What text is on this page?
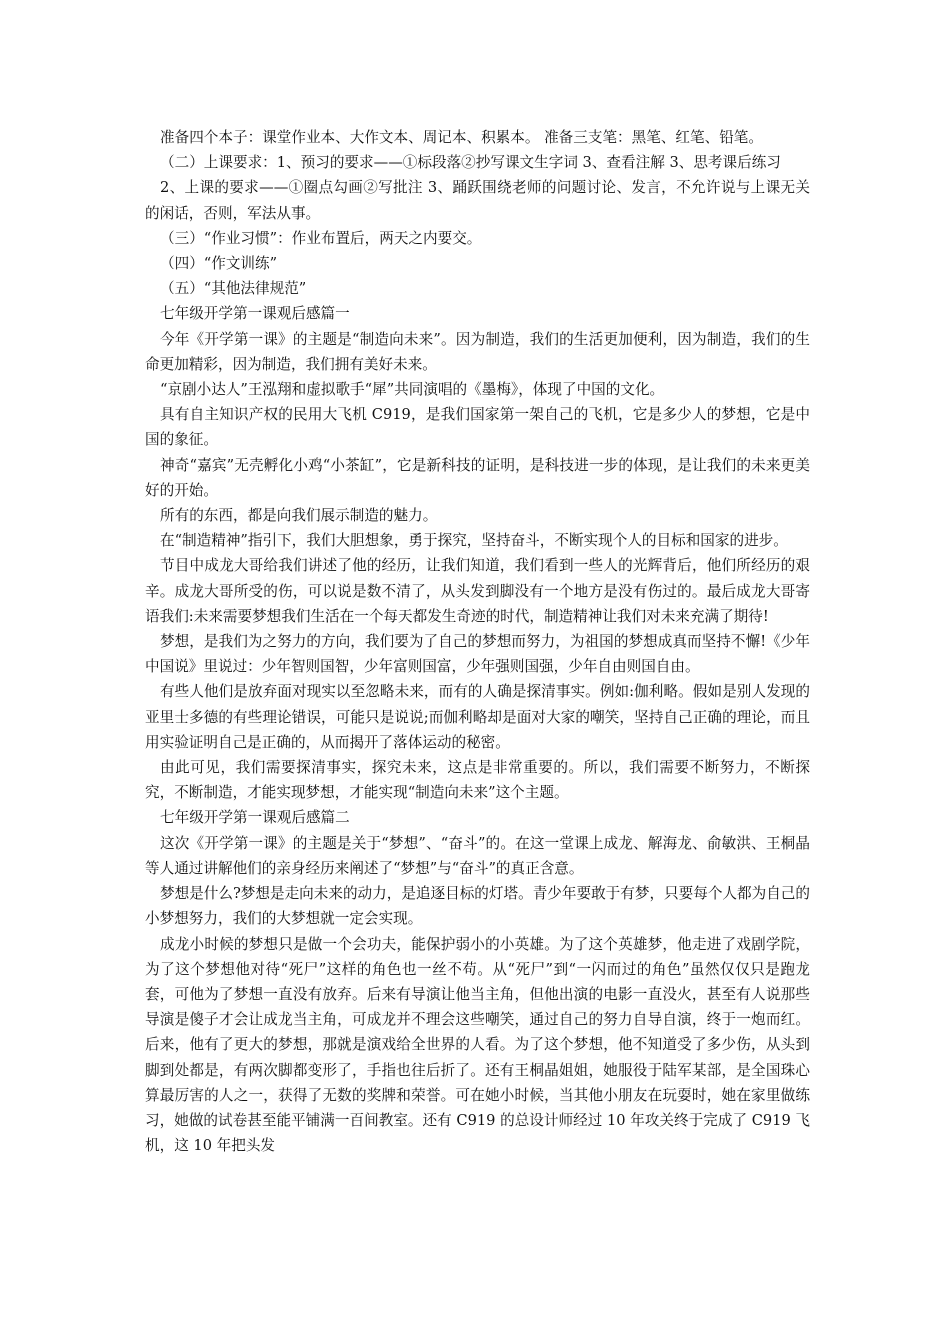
准备四个本子：课堂作业本、大作文本、周记本、积累本。 准备三支笔：黑笔、红笔、铅笔。

（二）上课要求：1、预习的要求——①标段落②抄写课文生字词 3、查看注解 3、思考课后练习

2、上课的要求——①圈点勾画②写批注 3、踊跃围绕老师的问题讨论、发言，不允许说与上课无关的闲话，否则，军法从事。

（三）“作业习惯”：作业布置后，两天之内要交。

（四）“作文训练”

（五）“其他法律规范”

七年级开学第一课观后感篇一

今年《开学第一课》的主题是“制造向未来”。因为制造，我们的生活更加便利，因为制造，我们的生命更加精彩，因为制造，我们拥有美好未来。

“京剧小达人”王泓翔和虚拟歌手“犀”共同演唱的《墨梅》，体现了中国的文化。

具有自主知识产权的民用大飞机 C919，是我们国家第一架自己的飞机，它是多少人的梦想，它是中国的象征。

神奇“嘉宾”无壳孵化小鸡“小茶缸”，它是新科技的证明，是科技进一步的体现，是让我们的未来更美好的开始。

所有的东西，都是向我们展示制造的魅力。

在“制造精神”指引下，我们大胆想象，勇于探究，坚持奋斗，不断实现个人的目标和国家的进步。

节目中成龙大哥给我们讲述了他的经历，让我们知道，我们看到一些人的光辉背后，他们所经历的艰辛。成龙大哥所受的伤，可以说是数不清了，从头发到脚没有一个地方是没有伤过的。最后成龙大哥寄语我们:未来需要梦想我们生活在一个每天都发生奇迹的时代，制造精神让我们对未来充满了期待!

梦想，是我们为之努力的方向，我们要为了自己的梦想而努力，为祖国的梦想成真而坚持不懈!《少年中国说》里说过：少年智则国智，少年富则国富，少年强则国强，少年自由则国自由。

有些人他们是放弃面对现实以至忽略未来，而有的人确是探清事实。例如:伽利略。假如是别人发现的亚里士多德的有些理论错误，可能只是说说;而伽利略却是面对大家的嘲笑，坚持自己正确的理论，而且用实验证明自己是正确的，从而揭开了落体运动的秘密。

由此可见，我们需要探清事实，探究未来，这点是非常重要的。所以，我们需要不断努力，不断探究，不断制造，才能实现梦想，才能实现“制造向未来”这个主题。

七年级开学第一课观后感篇二

这次《开学第一课》的主题是关于“梦想”、“奋斗”的。在这一堂课上成龙、解海龙、俞敏洪、王桐晶等人通过讲解他们的亲身经历来阐述了“梦想”与“奋斗”的真正含意。

梦想是什么?梦想是走向未来的动力，是追逐目标的灯塔。青少年要敢于有梦，只要每个人都为自己的小梦想努力，我们的大梦想就一定会实现。

成龙小时候的梦想只是做一个会功夫，能保护弱小的小英雄。为了这个英雄梦，他走进了戏剧学院，为了这个梦想他对待“死尸”这样的角色也一丝不苟。从“死尸”到“一闪而过的角色”虽然仅仅只是跑龙套，可他为了梦想一直没有放弃。后来有导演让他当主角，但他出演的电影一直没火，甚至有人说那些导演是傻子才会让成龙当主角，可成龙并不理会这些嘲笑，通过自己的努力自导自演，终于一炮而红。后来，他有了更大的梦想，那就是演戏给全世界的人看。为了这个梦想，他不知道受了多少伤，从头到脚到处都是，有两次脚都变形了，手指也往后折了。还有王桐晶姐姐，她服役于陆军某部，是全国珠心算最厉害的人之一，获得了无数的奖牌和荣誉。可在她小时候，当其他小朋友在玩耍时，她在家里做练习，她做的试卷甚至能平铺满一百间教室。还有 C919 的总设计师经过 10 年攻关终于完成了 C919 飞机，这 10 年把头发
